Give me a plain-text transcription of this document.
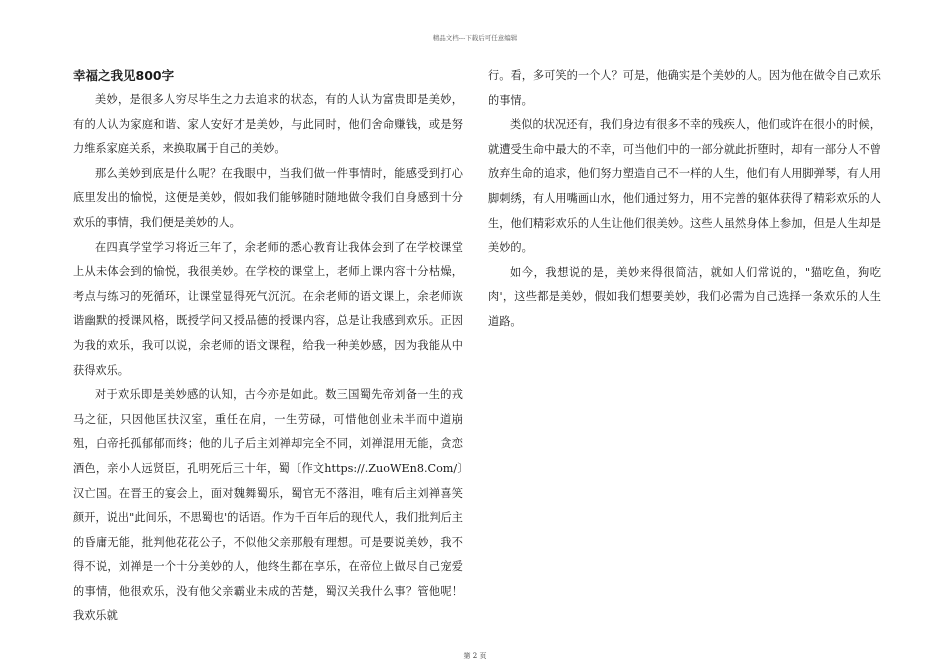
精品文档---下载后可任意编辑
幸福之我见800字

美妙，是很多人穷尽毕生之力去追求的状态，有的人认为富贵即是美妙，有的人认为家庭和谐、家人安好才是美妙，与此同时，他们舍命赚钱，或是努力维系家庭关系，来换取属于自己的美妙。

那么美妙到底是什么呢？在我眼中，当我们做一件事情时，能感受到打心底里发出的愉悦，这便是美妙，假如我们能够随时随地做令我们自身感到十分欢乐的事情，我们便是美妙的人。

在四真学堂学习将近三年了，余老师的悉心教育让我体会到了在学校课堂上从未体会到的愉悦，我很美妙。在学校的课堂上，老师上课内容十分枯燥，考点与练习的死循环，让课堂显得死气沉沉。在余老师的语文课上，余老师诙谐幽默的授课风格，既授学问又授品德的授课内容，总是让我感到欢乐。正因为我的欢乐，我可以说，余老师的语文课程，给我一种美妙感，因为我能从中获得欢乐。

对于欢乐即是美妙感的认知，古今亦是如此。数三国蜀先帝刘备一生的戎马之征，只因他匡扶汉室，重任在肩，一生劳碌，可惜他创业未半而中道崩殂，白帝托孤郁郁而终；他的儿子后主刘禅却完全不同，刘禅混用无能，贪恋酒色，亲小人远贤臣，孔明死后三十年，蜀〔作文https://.ZuoWEn8.Com/〕汉亡国。在晋王的宴会上，面对魏舞蜀乐，蜀官无不落泪，唯有后主刘禅喜笑颜开，说出"此间乐，不思蜀也'的话语。作为千百年后的现代人，我们批判后主的昏庸无能，批判他花花公子，不似他父亲那般有理想。可是要说美妙，我不得不说，刘禅是一个十分美妙的人，他终生都在享乐，在帝位上做尽自己宠爱的事情，他很欢乐，没有他父亲霸业未成的苦楚，蜀汉关我什么事？管他呢！我欢乐就

行。看，多可笑的一个人？可是，他确实是个美妙的人。因为他在做令自己欢乐的事情。

类似的状况还有，我们身边有很多不幸的残疾人，他们或许在很小的时候，就遭受生命中最大的不幸，可当他们中的一部分就此折堕时，却有一部分人不曾放弃生命的追求，他们努力塑造自己不一样的人生，他们有人用脚弹琴，有人用脚刺绣，有人用嘴画山水，他们通过努力，用不完善的躯体获得了精彩欢乐的人生，他们精彩欢乐的人生让他们很美妙。这些人虽然身体上参加，但是人生却是美妙的。

如今，我想说的是，美妙来得很简洁，就如人们常说的，"猫吃鱼，狗吃肉'，这些都是美妙，假如我们想要美妙，我们必需为自己选择一条欢乐的人生道路。

第 2 页
